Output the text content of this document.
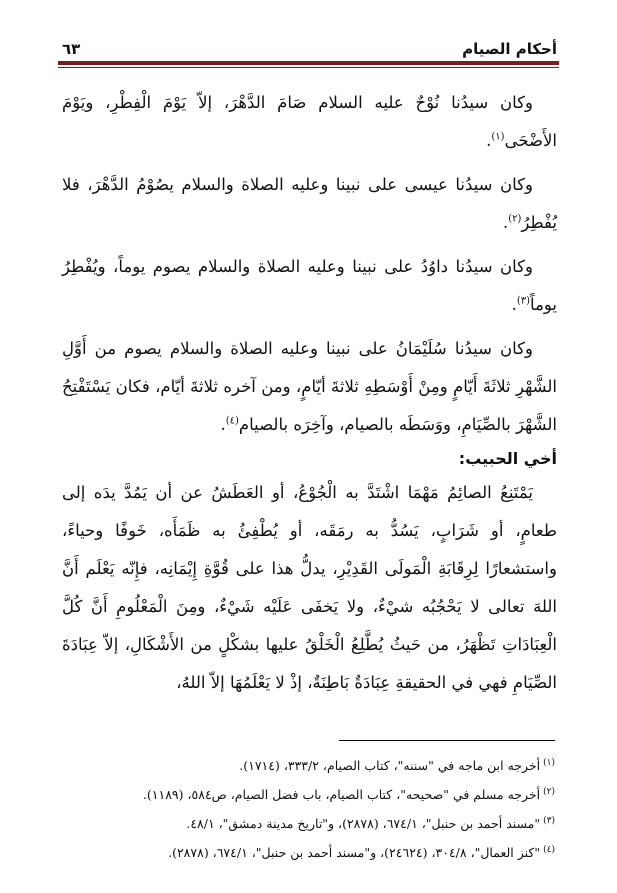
أحكام الصيام
٦٣

وكان سيدُنا نُوْحٌ عليه السلام صَامَ الدَّهْرَ، إلاّ يَوْمَ الْفِطْرِ، ويَوْمَ الأَضْحَى$^{(١)}$.

وكان سيدُنا عيسى على نبينا وعليه الصلاة والسلام يصُوْمُ الدَّهْرَ، فلا يُفْطِرُ$^{(٢)}$.

وكان سيدُنا داوُدُ على نبينا وعليه الصلاة والسلام يصوم يوماً، ويُفْطِرُ يوماً$^{(٣)}$.

وكان سيدُنا سُلَيْمَانُ على نبينا وعليه الصلاة والسلام يصوم من أَوَّلِ الشَّهْرِ ثلاثَةَ أَيّامٍ ومِنْ أَوْسَطِهِ ثلاثةَ أيّامٍ، ومن آخره ثلاثةَ أيّام، فكان يَسْتَفْتِحُ الشَّهْرَ بالصِّيَامِ، ووَسَطَه بالصيام، وآخِرَه بالصيام$^{(٤)}$.

أخي الحبيب:

يَمْتَنِعُ الصائِمُ مَهْمَا اشْتَدَّ به الْجُوْعُ، أو العَطَشُ عن أن يَمُدَّ يدَه إلى طعامٍ، أو شَرَابٍ، يَسُدُّ به رمَقَه، أو يُطْفِئُ به ظَمَأَه، خَوفًا وحياءً، واستشعارًا لِرِقَابَةِ الْمَولَى القَدِيْرِ، يدلُّ هذا على قُوَّةِ إِيْمَانِه، فإِنّه يَعْلَم أَنَّ اللهَ تعالى لا يَحْجُبُه شيْءٌ، ولا يَخفَى عَلَيْه شَيْءٌ، ومِنَ الْمَعْلُومِ أَنَّ كُلَّ الْعِبَادَاتِ تَظْهَرُ، من حَيثُ يُطَّلِعُ الْخَلْقُ عليها بشكْلٍ من الأَشْكَالِ، إلاّ عِبَادَةَ الصِّيَامِ فهي في الحقيقةِ عِبَادَةٌ بَاطِنَةٌ، إذْ لا يَعْلَمُهَا إلاّ اللهُ،

$^{(١)}$أخرجه ابن ماجه في "سننه"، كتاب الصيام، ٣٣٣/٢، (١٧١٤).

$^{(٢)}$أخرجه مسلم في "صحيحه"، كتاب الصيام، باب فضل الصيام، ص٥٨٤، (١١٨٩).

$^{(٣)}$"مسند أحمد بن حنبل"، ٦٧٤/١، (٢٨٧٨)، و"تاريخ مدينة دمشق"، ٤٨/١.

$^{(٤)}$"كنز العمال"، ٣٠٤/٨، (٢٤٦٢٤)، و"مسند أحمد بن حنبل"، ٦٧٤/١، (٢٨٧٨).
